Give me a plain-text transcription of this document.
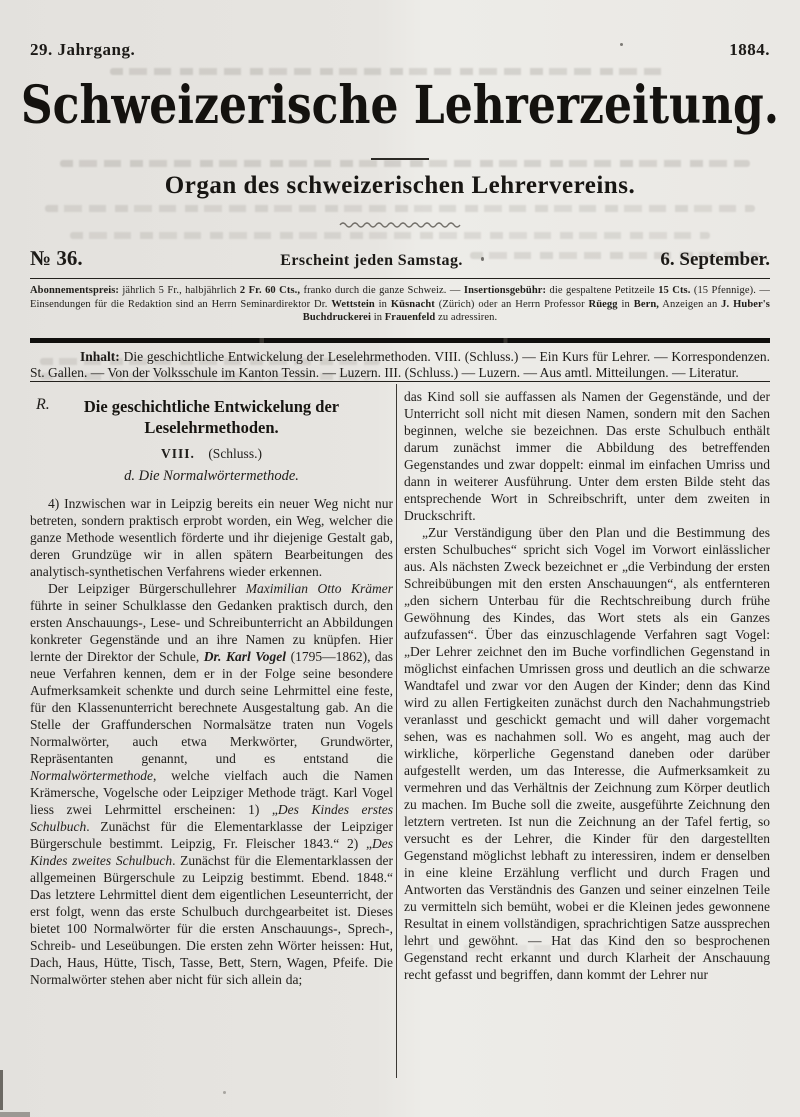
29. Jahrgang.	1884.
Schweizerische Lehrerzeitung.
Organ des schweizerischen Lehrervereins.
№ 36.	Erscheint jeden Samstag.	6. September.
Abonnementspreis: jährlich 5 Fr., halbjährlich 2 Fr. 60 Cts., franko durch die ganze Schweiz. — Insertionsgebühr: die gespaltene Petitzeile 15 Cts. (15 Pfennige). — Einsendungen für die Redaktion sind an Herrn Seminardirektor Dr. Wettstein in Küsnacht (Zürich) oder an Herrn Professor Rüegg in Bern, Anzeigen an J. Huber's Buchdruckerei in Frauenfeld zu adressiren.
Inhalt: Die geschichtliche Entwickelung der Leselehrmethoden. VIII. (Schluss.) — Ein Kurs für Lehrer. — Korrespondenzen. St. Gallen. — Von der Volksschule im Kanton Tessin. — Luzern. III. (Schluss.) — Luzern. — Aus amtl. Mitteilungen. — Literatur.
R.	Die geschichtliche Entwickelung der
Leselehrmethoden.
VIII. (Schluss.)
d. Die Normalwörtermethode.

4) Inzwischen war in Leipzig bereits ein neuer Weg nicht nur betreten, sondern praktisch erprobt worden, ein Weg, welcher die ganze Methode wesentlich förderte und ihr diejenige Gestalt gab, deren Grundzüge wir in allen spätern Bearbeitungen des analytisch-synthetischen Verfahrens wieder erkennen.

Der Leipziger Bürgerschullehrer Maximilian Otto Krämer führte in seiner Schulklasse den Gedanken praktisch durch, den ersten Anschauungs-, Lese- und Schreibunterricht an Abbildungen konkreter Gegenstände und an ihre Namen zu knüpfen. Hier lernte der Direktor der Schule, Dr. Karl Vogel (1795—1862), das neue Verfahren kennen, dem er in der Folge seine besondere Aufmerksamkeit schenkte und durch seine Lehrmittel eine feste, für den Klassenunterricht berechnete Ausgestaltung gab. An die Stelle der Graffunderschen Normalsätze traten nun Vogels Normalwörter, auch etwa Merkwörter, Grundwörter, Repräsentanten genannt, und es entstand die Normalwörtermethode, welche vielfach auch die Namen Krämersche, Vogelsche oder Leipziger Methode trägt. Karl Vogel liess zwei Lehrmittel erscheinen: 1) „Des Kindes erstes Schulbuch. Zunächst für die Elementarklasse der Leipziger Bürgerschule bestimmt. Leipzig, Fr. Fleischer 1843.“ 2) „Des Kindes zweites Schulbuch. Zunächst für die Elementarklassen der allgemeinen Bürgerschule zu Leipzig bestimmt. Ebend. 1848.“ Das letztere Lehrmittel dient dem eigentlichen Leseunterricht, der erst folgt, wenn das erste Schulbuch durchgearbeitet ist. Dieses bietet 100 Normalwörter für die ersten Anschauungs-, Sprech-, Schreib- und Leseübungen. Die ersten zehn Wörter heissen: Hut, Dach, Haus, Hütte, Tisch, Tasse, Bett, Stern, Wagen, Pfeife. Die Normalwörter stehen aber nicht für sich allein da;

das Kind soll sie auffassen als Namen der Gegenstände, und der Unterricht soll nicht mit diesen Namen, sondern mit den Sachen beginnen, welche sie bezeichnen. Das erste Schulbuch enthält darum zunächst immer die Abbildung des betreffenden Gegenstandes und zwar doppelt: einmal im einfachen Umriss und dann in weiterer Ausführung. Unter dem ersten Bilde steht das entsprechende Wort in Schreibschrift, unter dem zweiten in Druckschrift.

„Zur Verständigung über den Plan und die Bestimmung des ersten Schulbuches“ spricht sich Vogel im Vorwort einlässlicher aus. Als nächsten Zweck bezeichnet er „die Verbindung der ersten Schreibübungen mit den ersten Anschauungen“, als entfernteren „den sichern Unterbau für die Rechtschreibung durch frühe Gewöhnung des Kindes, das Wort stets als ein Ganzes aufzufassen“. Über das einzuschlagende Verfahren sagt Vogel: „Der Lehrer zeichnet den im Buche vorfindlichen Gegenstand in möglichst einfachen Umrissen gross und deutlich an die schwarze Wandtafel und zwar vor den Augen der Kinder; denn das Kind wird zu allen Fertigkeiten zunächst durch den Nachahmungstrieb veranlasst und geschickt gemacht und will daher vorgemacht sehen, was es nachahmen soll. Wo es angeht, mag auch der wirkliche, körperliche Gegenstand daneben oder darüber aufgestellt werden, um das Interesse, die Aufmerksamkeit zu vermehren und das Verhältnis der Zeichnung zum Körper deutlich zu machen. Im Buche soll die zweite, ausgeführte Zeichnung den letztern vertreten. Ist nun die Zeichnung an der Tafel fertig, so versucht es der Lehrer, die Kinder für den dargestellten Gegenstand möglichst lebhaft zu interessiren, indem er denselben in eine kleine Erzählung verflicht und durch Fragen und Antworten das Verständnis des Ganzen und seiner einzelnen Teile zu vermitteln sich bemüht, wobei er die Kleinen jedes gewonnene Resultat in einem vollständigen, sprachrichtigen Satze aussprechen lehrt und gewöhnt. — Hat das Kind den so besprochenen Gegenstand recht erkannt und durch Klarheit der Anschauung recht gefasst und begriffen, dann kommt der Lehrer nur
